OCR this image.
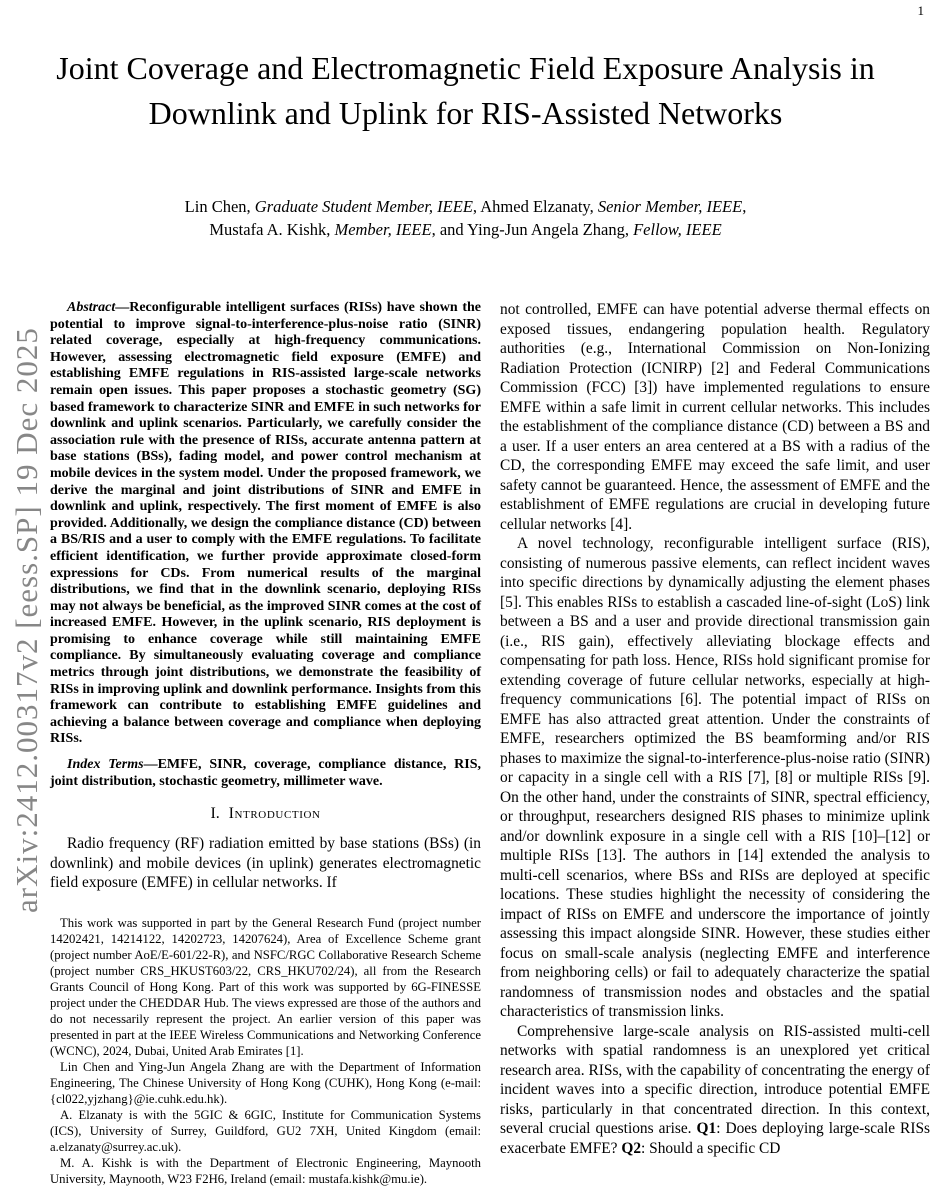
1
arXiv:2412.00317v2 [eess.SP] 19 Dec 2025
Joint Coverage and Electromagnetic Field Exposure Analysis in Downlink and Uplink for RIS-Assisted Networks
Lin Chen, Graduate Student Member, IEEE, Ahmed Elzanaty, Senior Member, IEEE,
Mustafa A. Kishk, Member, IEEE, and Ying-Jun Angela Zhang, Fellow, IEEE

Abstract—Reconfigurable intelligent surfaces (RISs) have shown the potential to improve signal-to-interference-plus-noise ratio (SINR) related coverage, especially at high-frequency communications. However, assessing electromagnetic field exposure (EMFE) and establishing EMFE regulations in RIS-assisted large-scale networks remain open issues. This paper proposes a stochastic geometry (SG) based framework to characterize SINR and EMFE in such networks for downlink and uplink scenarios. Particularly, we carefully consider the association rule with the presence of RISs, accurate antenna pattern at base stations (BSs), fading model, and power control mechanism at mobile devices in the system model. Under the proposed framework, we derive the marginal and joint distributions of SINR and EMFE in downlink and uplink, respectively. The first moment of EMFE is also provided. Additionally, we design the compliance distance (CD) between a BS/RIS and a user to comply with the EMFE regulations. To facilitate efficient identification, we further provide approximate closed-form expressions for CDs. From numerical results of the marginal distributions, we find that in the downlink scenario, deploying RISs may not always be beneficial, as the improved SINR comes at the cost of increased EMFE. However, in the uplink scenario, RIS deployment is promising to enhance coverage while still maintaining EMFE compliance. By simultaneously evaluating coverage and compliance metrics through joint distributions, we demonstrate the feasibility of RISs in improving uplink and downlink performance. Insights from this framework can contribute to establishing EMFE guidelines and achieving a balance between coverage and compliance when deploying RISs.

Index Terms—EMFE, SINR, coverage, compliance distance, RIS, joint distribution, stochastic geometry, millimeter wave.

I. Introduction

Radio frequency (RF) radiation emitted by base stations (BSs) (in downlink) and mobile devices (in uplink) generates electromagnetic field exposure (EMFE) in cellular networks. If

This work was supported in part by the General Research Fund (project number 14202421, 14214122, 14202723, 14207624), Area of Excellence Scheme grant (project number AoE/E-601/22-R), and NSFC/RGC Collaborative Research Scheme (project number CRS_HKUST603/22, CRS_HKU702/24), all from the Research Grants Council of Hong Kong. Part of this work was supported by 6G-FINESSE project under the CHEDDAR Hub. The views expressed are those of the authors and do not necessarily represent the project. An earlier version of this paper was presented in part at the IEEE Wireless Communications and Networking Conference (WCNC), 2024, Dubai, United Arab Emirates [1].

Lin Chen and Ying-Jun Angela Zhang are with the Department of Information Engineering, The Chinese University of Hong Kong (CUHK), Hong Kong (e-mail: {cl022,yjzhang}@ie.cuhk.edu.hk).

A. Elzanaty is with the 5GIC & 6GIC, Institute for Communication Systems (ICS), University of Surrey, Guildford, GU2 7XH, United Kingdom (email: a.elzanaty@surrey.ac.uk).

M. A. Kishk is with the Department of Electronic Engineering, Maynooth University, Maynooth, W23 F2H6, Ireland (email: mustafa.kishk@mu.ie).

not controlled, EMFE can have potential adverse thermal effects on exposed tissues, endangering population health. Regulatory authorities (e.g., International Commission on Non-Ionizing Radiation Protection (ICNIRP) [2] and Federal Communications Commission (FCC) [3]) have implemented regulations to ensure EMFE within a safe limit in current cellular networks. This includes the establishment of the compliance distance (CD) between a BS and a user. If a user enters an area centered at a BS with a radius of the CD, the corresponding EMFE may exceed the safe limit, and user safety cannot be guaranteed. Hence, the assessment of EMFE and the establishment of EMFE regulations are crucial in developing future cellular networks [4].

A novel technology, reconfigurable intelligent surface (RIS), consisting of numerous passive elements, can reflect incident waves into specific directions by dynamically adjusting the element phases [5]. This enables RISs to establish a cascaded line-of-sight (LoS) link between a BS and a user and provide directional transmission gain (i.e., RIS gain), effectively alleviating blockage effects and compensating for path loss. Hence, RISs hold significant promise for extending coverage of future cellular networks, especially at high-frequency communications [6]. The potential impact of RISs on EMFE has also attracted great attention. Under the constraints of EMFE, researchers optimized the BS beamforming and/or RIS phases to maximize the signal-to-interference-plus-noise ratio (SINR) or capacity in a single cell with a RIS [7], [8] or multiple RISs [9]. On the other hand, under the constraints of SINR, spectral efficiency, or throughput, researchers designed RIS phases to minimize uplink and/or downlink exposure in a single cell with a RIS [10]–[12] or multiple RISs [13]. The authors in [14] extended the analysis to multi-cell scenarios, where BSs and RISs are deployed at specific locations. These studies highlight the necessity of considering the impact of RISs on EMFE and underscore the importance of jointly assessing this impact alongside SINR. However, these studies either focus on small-scale analysis (neglecting EMFE and interference from neighboring cells) or fail to adequately characterize the spatial randomness of transmission nodes and obstacles and the spatial characteristics of transmission links.

Comprehensive large-scale analysis on RIS-assisted multi-cell networks with spatial randomness is an unexplored yet critical research area. RISs, with the capability of concentrating the energy of incident waves into a specific direction, introduce potential EMFE risks, particularly in that concentrated direction. In this context, several crucial questions arise. Q1: Does deploying large-scale RISs exacerbate EMFE? Q2: Should a specific CD
